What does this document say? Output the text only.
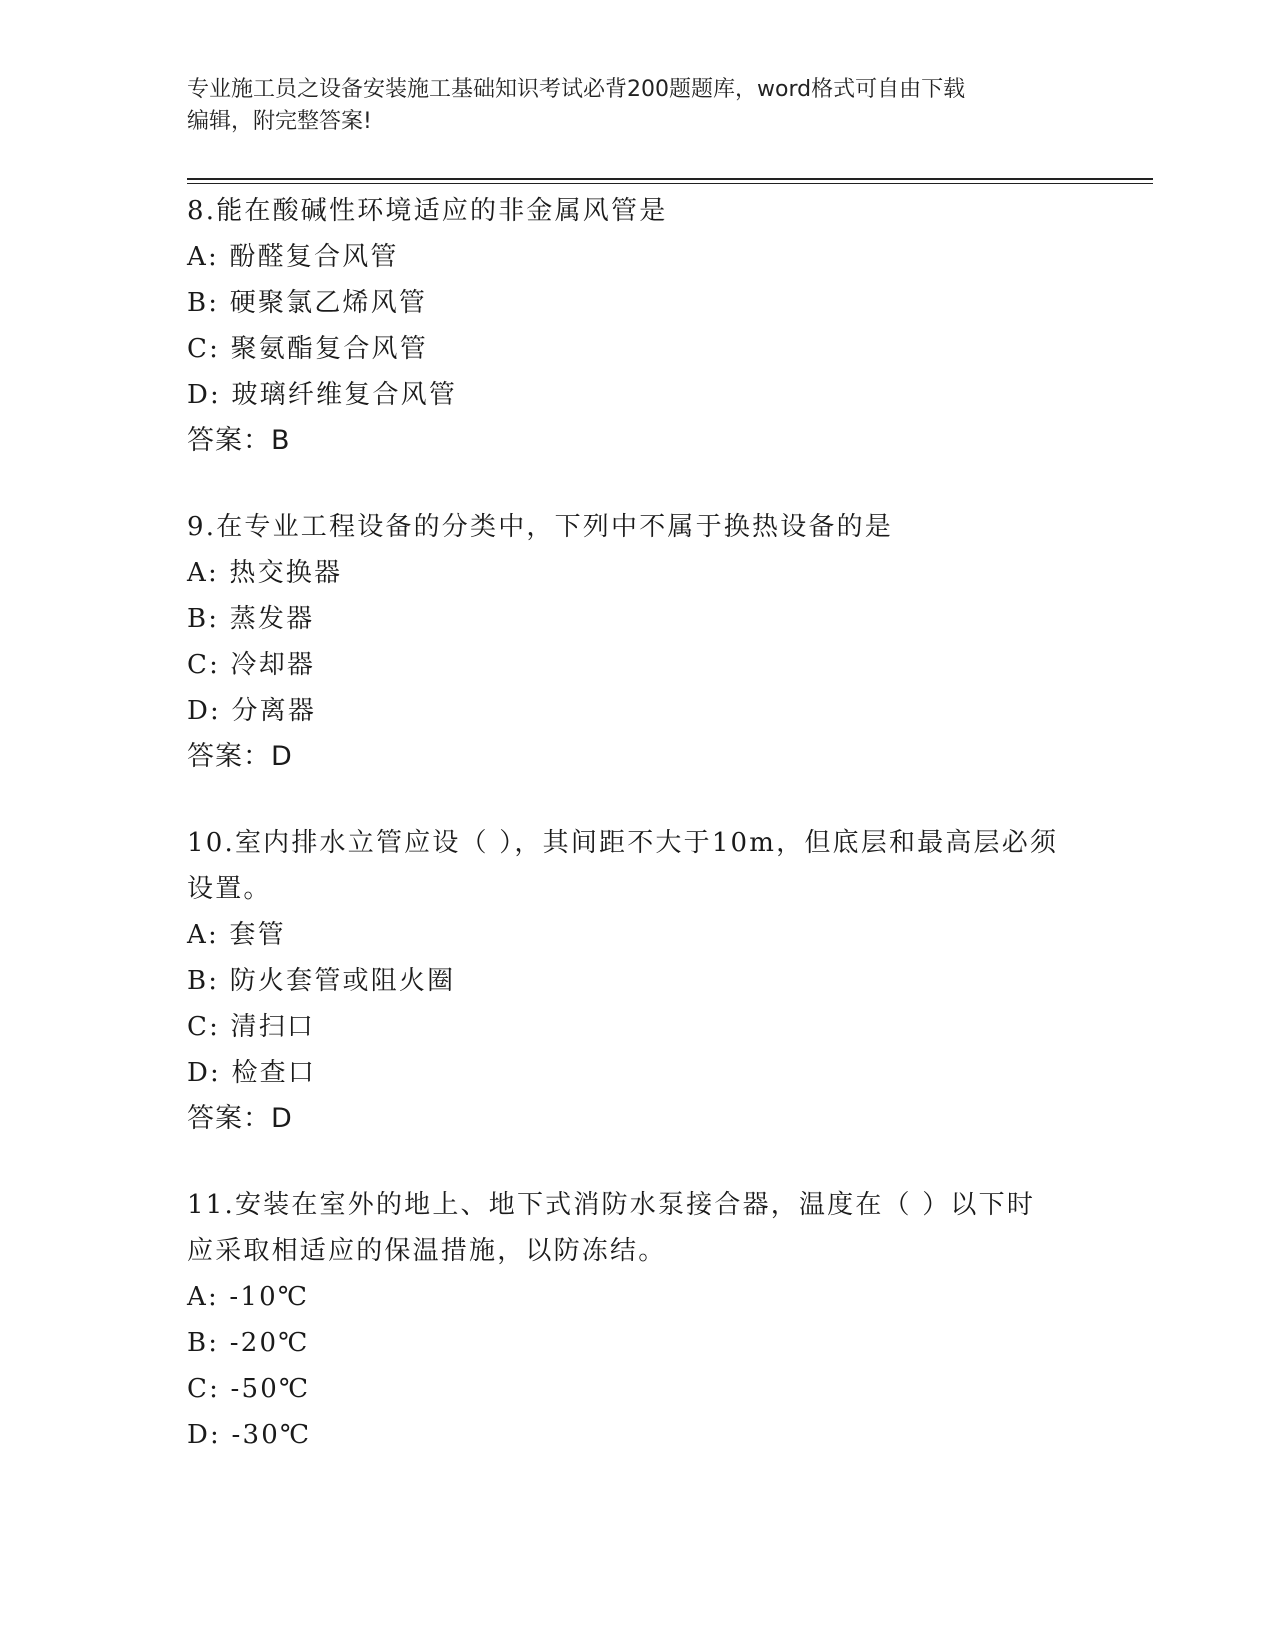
专业施工员之设备安装施工基础知识考试必背200题题库，word格式可自由下载
编辑，附完整答案!

8.能在酸碱性环境适应的非金属风管是

A: 酚醛复合风管

B: 硬聚氯乙烯风管

C: 聚氨酯复合风管

D: 玻璃纤维复合风管

答案：B

9.在专业工程设备的分类中，下列中不属于换热设备的是

A: 热交换器

B: 蒸发器

C: 冷却器

D: 分离器

答案：D

10.室内排水立管应设（ ），其间距不大于10m，但底层和最高层必须

设置。

A: 套管

B: 防火套管或阻火圈

C: 清扫口

D: 检查口

答案：D

11.安装在室外的地上、地下式消防水泵接合器，温度在（ ）以下时

应采取相适应的保温措施，以防冻结。

A: -10℃

B: -20℃

C: -50℃

D: -30℃
